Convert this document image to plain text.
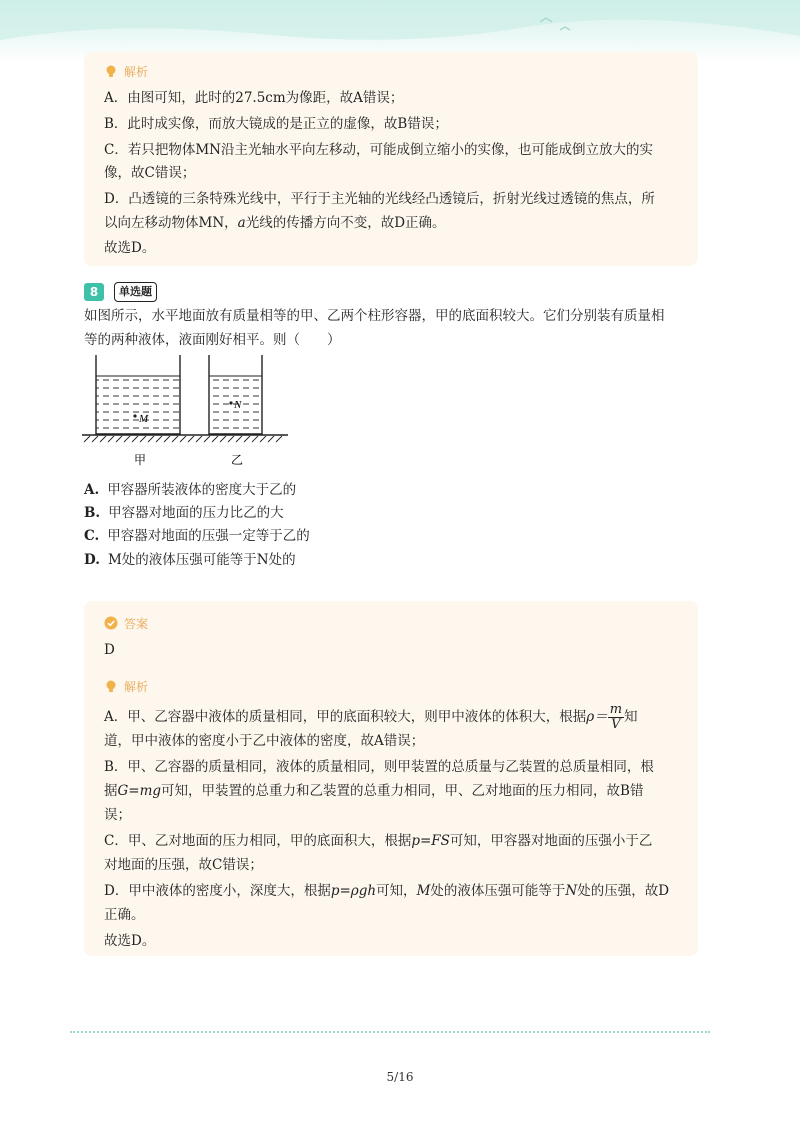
解析
A．由图可知，此时的27.5cm为像距，故A错误；
B．此时成实像，而放大镜成的是正立的虚像，故B错误；
C．若只把物体MN沿主光轴水平向左移动，可能成倒立缩小的实像，也可能成倒立放大的实
像，故C错误；
D．凸透镜的三条特殊光线中，平行于主光轴的光线经凸透镜后，折射光线过透镜的焦点，所
以向左移动物体MN，a光线的传播方向不变，故D正确。
故选D。
8	单选题
如图所示，水平地面放有质量相等的甲、乙两个柱形容器，甲的底面积较大。它们分别装有质量相
等的两种液体，液面刚好相平。则（　　）
M
N
甲	乙
A. 甲容器所装液体的密度大于乙的
B. 甲容器对地面的压力比乙的大
C. 甲容器对地面的压强一定等于乙的
D. M处的液体压强可能等于N处的
答案
D
解析
A．甲、乙容器中液体的质量相同，甲的底面积较大，则甲中液体的体积大，根据$\rho= \frac{m}{V}$ 知
道，甲中液体的密度小于乙中液体的密度，故A错误；
B．甲、乙容器的质量相同，液体的质量相同，则甲装置的总质量与乙装置的总质量相同，根
据G=mg可知，甲装置的总重力和乙装置的总重力相同，甲、乙对地面的压力相同，故B错
误；
C．甲、乙对地面的压力相同，甲的底面积大，根据p=FS可知，甲容器对地面的压强小于乙
对地面的压强，故C错误；
D．甲中液体的密度小，深度大，根据p=ρgh可知，M处的液体压强可能等于N处的压强，故D
正确。
故选D。
5/16
